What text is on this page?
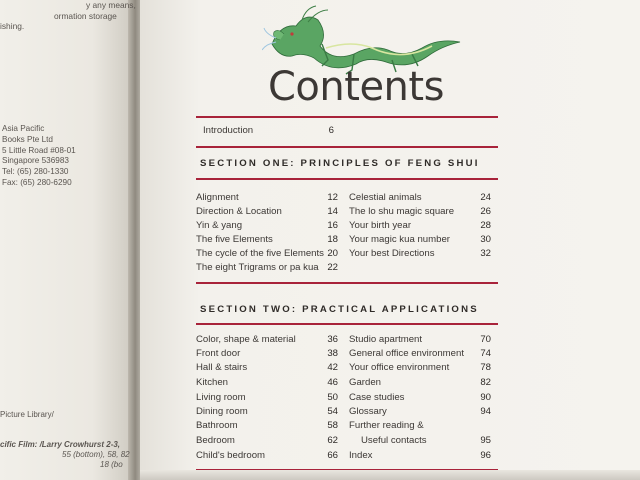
y any means,
ormation storage
ishing.
Asia Pacific
Books Pte Ltd
5 Little Road #08-01
Singapore 536983
Tel: (65) 280-1330
Fax: (65) 280-6290
Picture Library/
cific Film: /Larry Crowhurst 2-3,
55 (bottom), 58, 82
18 (bo
Contents
Introduction	6
SECTION ONE: PRINCIPLES OF FENG SHUI
Alignment	12
Direction & Location	14
Yin & yang	16
The five Elements	18
The cycle of the five Elements 20
The eight Trigrams or pa kua 22
Celestial animals	24
The lo shu magic square	26
Your birth year	28
Your magic kua number	30
Your best Directions	32
SECTION TWO: PRACTICAL APPLICATIONS
Color, shape & material	36
Front door	38
Hall & stairs	42
Kitchen	46
Living room	50
Dining room	54
Bathroom	58
Bedroom	62
Child's bedroom	66
Studio apartment	70
General office environment	74
Your office environment	78
Garden	82
Case studies	90
Glossary	94
Further reading &
Useful contacts	95
Index	96
